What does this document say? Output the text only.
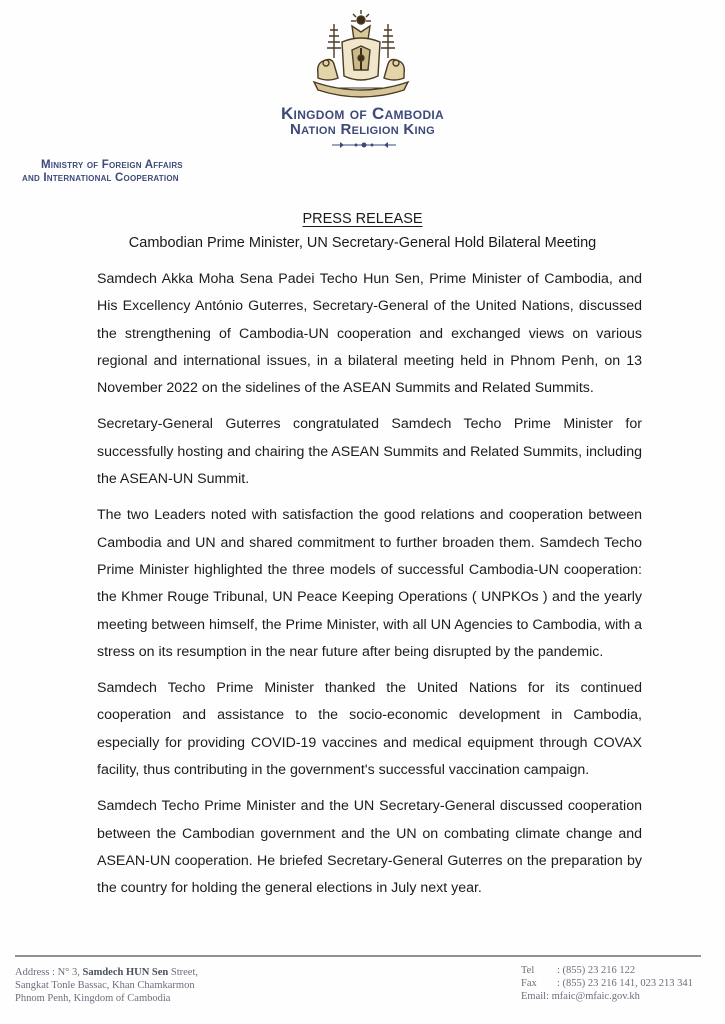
Kingdom of Cambodia
Nation Religion King
Ministry of Foreign Affairs
and International Cooperation
PRESS RELEASE
Cambodian Prime Minister, UN Secretary-General Hold Bilateral Meeting

Samdech Akka Moha Sena Padei Techo Hun Sen, Prime Minister of Cambodia, and His Excellency António Guterres, Secretary-General of the United Nations, discussed the strengthening of Cambodia-UN cooperation and exchanged views on various regional and international issues, in a bilateral meeting held in Phnom Penh, on 13 November 2022 on the sidelines of the ASEAN Summits and Related Summits.

Secretary-General Guterres congratulated Samdech Techo Prime Minister for successfully hosting and chairing the ASEAN Summits and Related Summits, including the ASEAN-UN Summit.

The two Leaders noted with satisfaction the good relations and cooperation between Cambodia and UN and shared commitment to further broaden them. Samdech Techo Prime Minister highlighted the three models of successful Cambodia-UN cooperation: the Khmer Rouge Tribunal, UN Peace Keeping Operations ( UNPKOs ) and the yearly meeting between himself, the Prime Minister, with all UN Agencies to Cambodia, with a stress on its resumption in the near future after being disrupted by the pandemic.

Samdech Techo Prime Minister thanked the United Nations for its continued cooperation and assistance to the socio-economic development in Cambodia, especially for providing COVID-19 vaccines and medical equipment through COVAX facility, thus contributing in the government's successful vaccination campaign.

Samdech Techo Prime Minister and the UN Secretary-General discussed cooperation between the Cambodian government and the UN on combating climate change and ASEAN-UN cooperation. He briefed Secretary-General Guterres on the preparation by the country for holding the general elections in July next year.

Address : N° 3, Samdech HUN Sen Street,
Sangkat Tonle Bassac, Khan Chamkarmon
Phnom Penh, Kingdom of Cambodia
Tel	: (855) 23 216 122
Fax	: (855) 23 216 141, 023 213 341
Email : mfaic@mfaic.gov.kh
